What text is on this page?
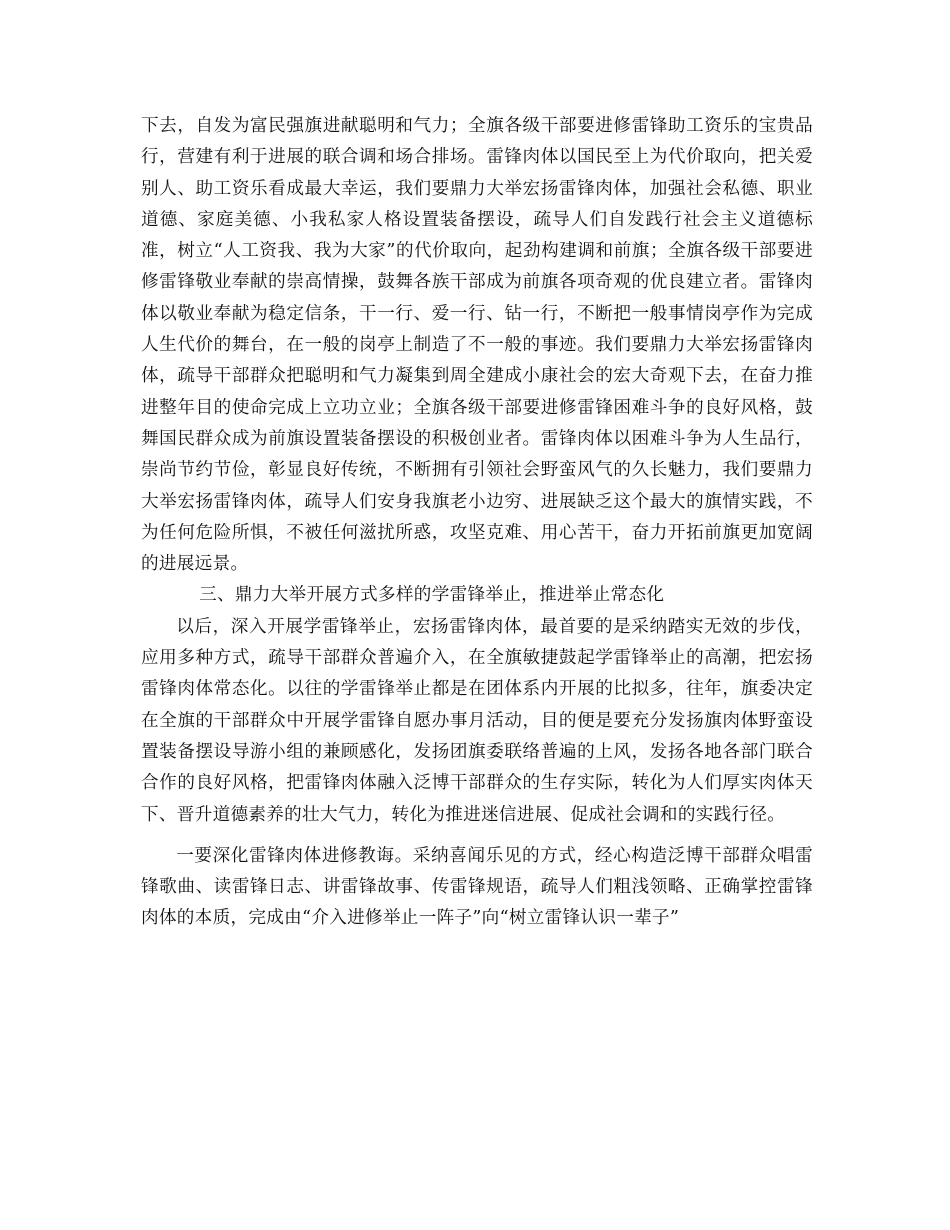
下去，自发为富民强旗进献聪明和气力；全旗各级干部要进修雷锋助工资乐的宝贵品行，营建有利于进展的联合调和场合排场。雷锋肉体以国民至上为代价取向，把关爱别人、助工资乐看成最大幸运，我们要鼎力大举宏扬雷锋肉体，加强社会私德、职业道德、家庭美德、小我私家人格设置装备摆设，疏导人们自发践行社会主义道德标准，树立“人工资我、我为大家”的代价取向，起劲构建调和前旗；全旗各级干部要进修雷锋敬业奉献的崇高情操，鼓舞各族干部成为前旗各项奇观的优良建立者。雷锋肉体以敬业奉献为稳定信条，干一行、爱一行、钻一行，不断把一般事情岗亭作为完成人生代价的舞台，在一般的岗亭上制造了不一般的事迹。我们要鼎力大举宏扬雷锋肉体，疏导干部群众把聪明和气力凝集到周全建成小康社会的宏大奇观下去，在奋力推进整年目的使命完成上立功立业；全旗各级干部要进修雷锋困难斗争的良好风格，鼓舞国民群众成为前旗设置装备摆设的积极创业者。雷锋肉体以困难斗争为人生品行，崇尚节约节俭，彰显良好传统，不断拥有引领社会野蛮风气的久长魅力，我们要鼎力大举宏扬雷锋肉体，疏导人们安身我旗老小边穷、进展缺乏这个最大的旗情实践，不为任何危险所惧，不被任何滋扰所惑，攻坚克难、用心苦干，奋力开拓前旗更加宽阔的进展远景。

三、鼎力大举开展方式多样的学雷锋举止，推进举止常态化

以后，深入开展学雷锋举止，宏扬雷锋肉体，最首要的是采纳踏实无效的步伐，应用多种方式，疏导干部群众普遍介入，在全旗敏捷鼓起学雷锋举止的高潮，把宏扬雷锋肉体常态化。以往的学雷锋举止都是在团体系内开展的比拟多，往年，旗委决定在全旗的干部群众中开展学雷锋自愿办事月活动，目的便是要充分发扬旗肉体野蛮设置装备摆设导游小组的兼顾感化，发扬团旗委联络普遍的上风，发扬各地各部门联合合作的良好风格，把雷锋肉体融入泛博干部群众的生存实际，转化为人们厚实肉体天下、晋升道德素养的壮大气力，转化为推进迷信进展、促成社会调和的实践行径。

一要深化雷锋肉体进修教诲。采纳喜闻乐见的方式，经心构造泛博干部群众唱雷锋歌曲、读雷锋日志、讲雷锋故事、传雷锋规语，疏导人们粗浅领略、正确掌控雷锋肉体的本质，完成由“介入进修举止一阵子”向“树立雷锋认识一辈子”
